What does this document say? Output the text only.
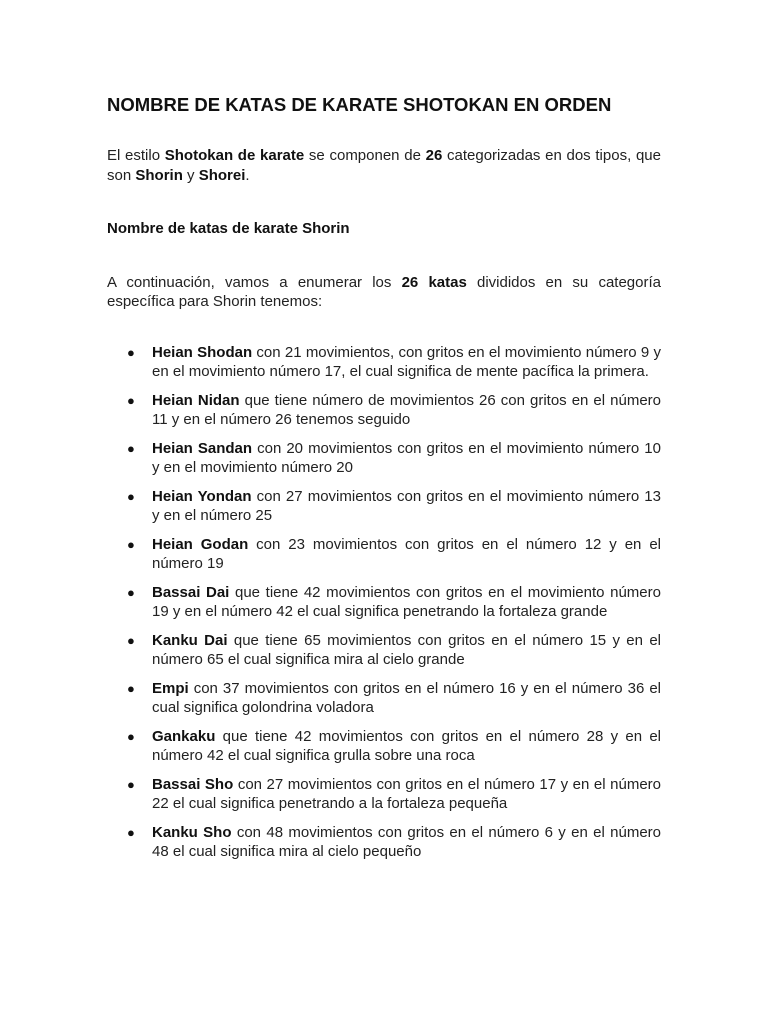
NOMBRE DE KATAS DE KARATE SHOTOKAN EN ORDEN

El estilo Shotokan de karate se componen de 26 categorizadas en dos tipos, que son Shorin y Shorei.

Nombre de katas de karate Shorin

A continuación, vamos a enumerar los 26 katas divididos en su categoría específica para Shorin tenemos:

● Heian Shodan con 21 movimientos, con gritos en el movimiento número 9 y en el movimiento número 17, el cual significa de mente pacífica la primera.
● Heian Nidan que tiene número de movimientos 26 con gritos en el número 11 y en el número 26 tenemos seguido
● Heian Sandan con 20 movimientos con gritos en el movimiento número 10 y en el movimiento número 20
● Heian Yondan con 27 movimientos con gritos en el movimiento número 13 y en el número 25
● Heian Godan con 23 movimientos con gritos en el número 12 y en el número 19
● Bassai Dai que tiene 42 movimientos con gritos en el movimiento número 19 y en el número 42 el cual significa penetrando la fortaleza grande
● Kanku Dai que tiene 65 movimientos con gritos en el número 15 y en el número 65 el cual significa mira al cielo grande
● Empi con 37 movimientos con gritos en el número 16 y en el número 36 el cual significa golondrina voladora
● Gankaku que tiene 42 movimientos con gritos en el número 28 y en el número 42 el cual significa grulla sobre una roca
● Bassai Sho con 27 movimientos con gritos en el número 17 y en el número 22 el cual significa penetrando a la fortaleza pequeña
● Kanku Sho con 48 movimientos con gritos en el número 6 y en el número 48 el cual significa mira al cielo pequeño
